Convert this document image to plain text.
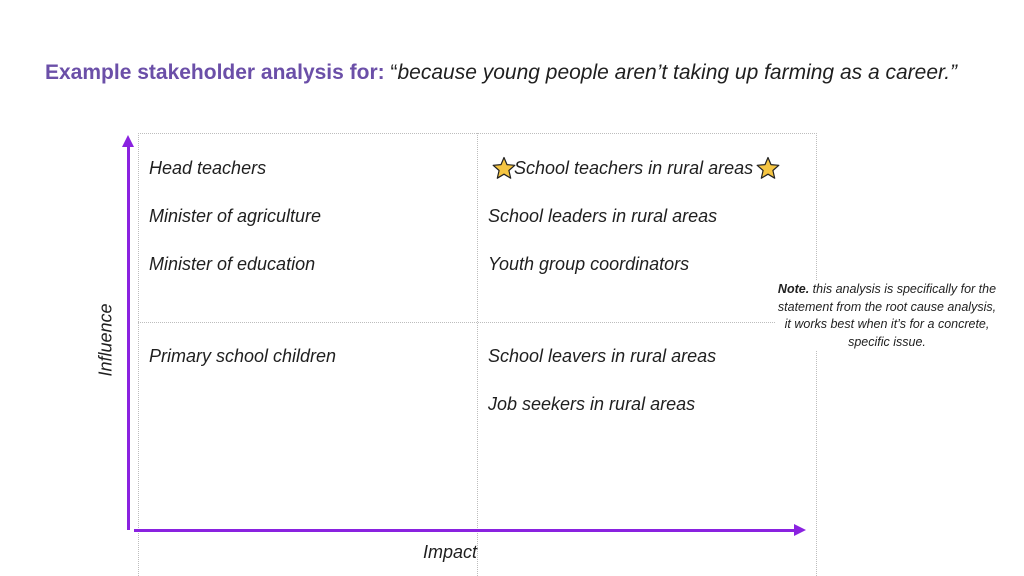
Example stakeholder analysis for: “because young people aren’t taking up farming as a career.”
Influence
Impact
Head teachers
Minister of agriculture
Minister of education
School teachers in rural areas
School leaders in rural areas
Youth group coordinators
Primary school children	School leavers in rural areas
Job seekers in rural areas
Note. this analysis is specifically for the statement from the root cause analysis, it works best when it’s for a concrete, specific issue.
